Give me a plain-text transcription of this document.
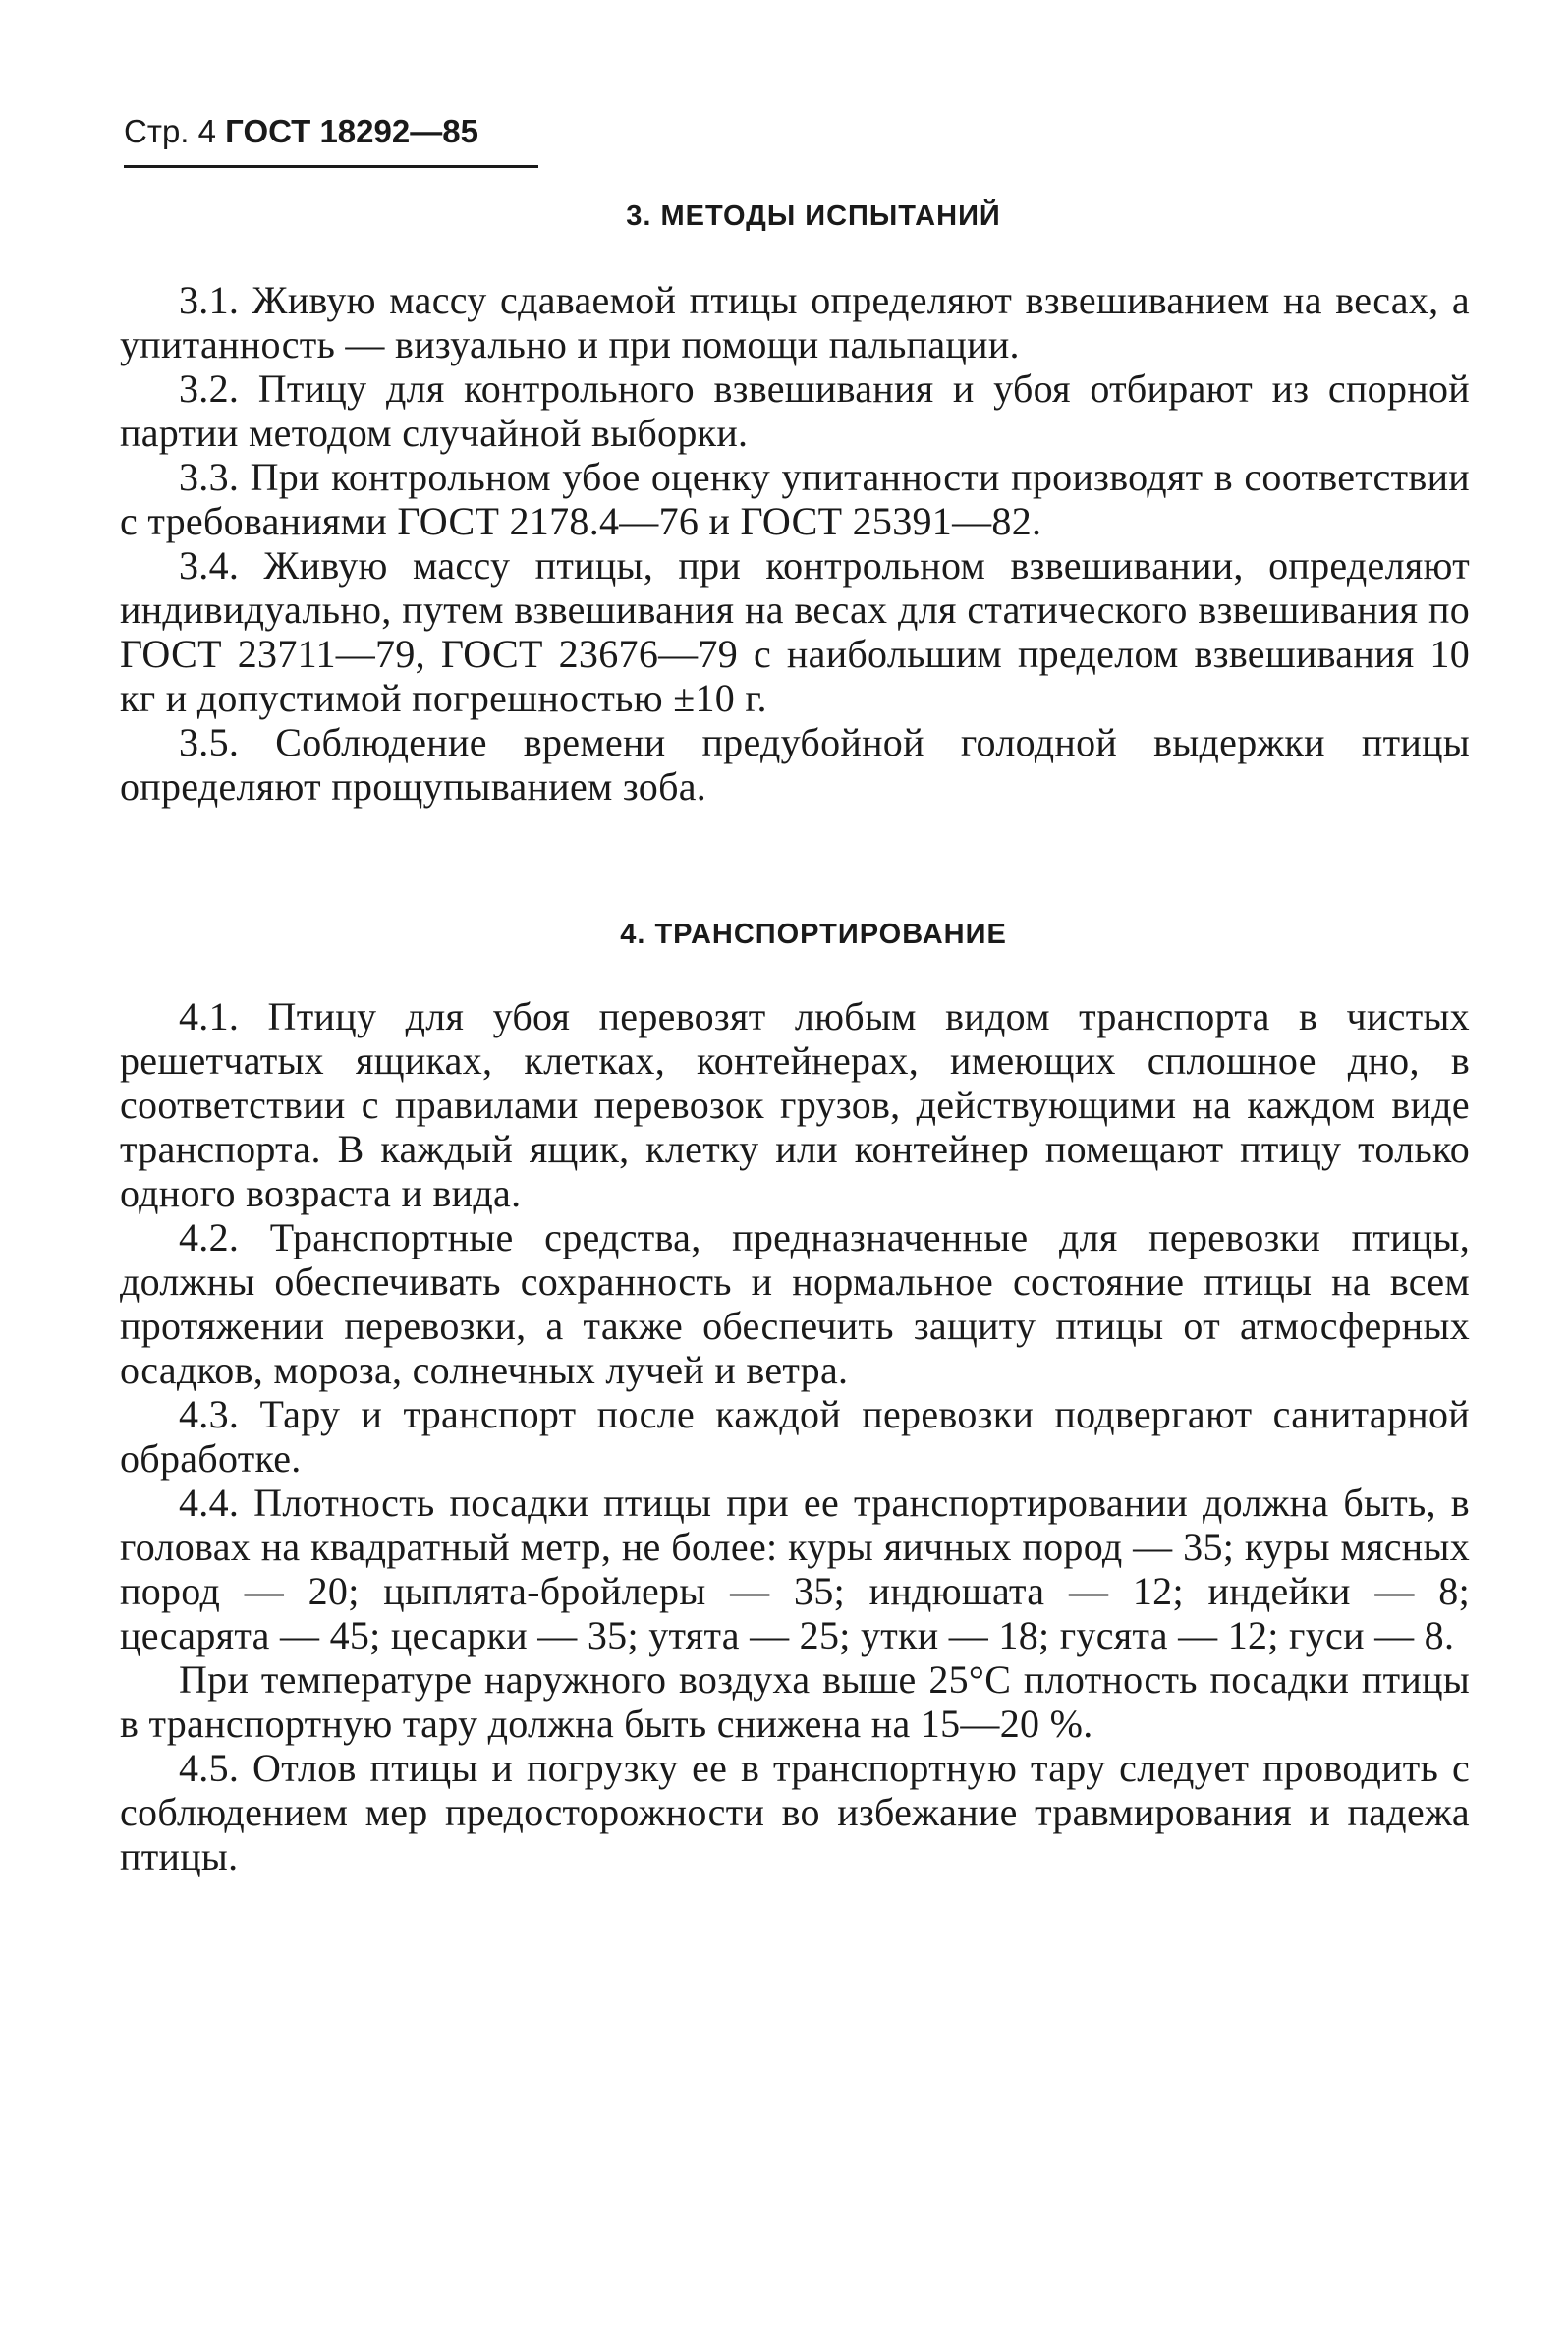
Стр. 4 ГОСТ 18292—85
3. МЕТОДЫ ИСПЫТАНИЙ

3.1. Живую массу сдаваемой птицы определяют взвешиванием на весах, а упитанность — визуально и при помощи пальпации.

3.2. Птицу для контрольного взвешивания и убоя отбирают из спорной партии методом случайной выборки.

3.3. При контрольном убое оценку упитанности производят в соответствии с требованиями ГОСТ 2178.4—76 и ГОСТ 25391—82.

3.4. Живую массу птицы, при контрольном взвешивании, определяют индивидуально, путем взвешивания на весах для статического взвешивания по ГОСТ 23711—79, ГОСТ 23676—79 с наибольшим пределом взвешивания 10 кг и допустимой погрешностью ±10 г.

3.5. Соблюдение времени предубойной голодной выдержки птицы определяют прощупыванием зоба.

4. ТРАНСПОРТИРОВАНИЕ

4.1. Птицу для убоя перевозят любым видом транспорта в чистых решетчатых ящиках, клетках, контейнерах, имеющих сплошное дно, в соответствии с правилами перевозок грузов, действующими на каждом виде транспорта. В каждый ящик, клетку или контейнер помещают птицу только одного возраста и вида.

4.2. Транспортные средства, предназначенные для перевозки птицы, должны обеспечивать сохранность и нормальное состояние птицы на всем протяжении перевозки, а также обеспечить защиту птицы от атмосферных осадков, мороза, солнечных лучей и ветра.

4.3. Тару и транспорт после каждой перевозки подвергают санитарной обработке.

4.4. Плотность посадки птицы при ее транспортировании должна быть, в головах на квадратный метр, не более: куры яичных пород — 35; куры мясных пород — 20; цыплята-бройлеры — 35; индюшата — 12; индейки — 8; цесарята — 45; цесарки — 35; утята — 25; утки — 18; гусята — 12; гуси — 8.

При температуре наружного воздуха выше 25°С плотность посадки птицы в транспортную тару должна быть снижена на 15—20 %.

4.5. Отлов птицы и погрузку ее в транспортную тару следует проводить с соблюдением мер предосторожности во избежание травмирования и падежа птицы.
